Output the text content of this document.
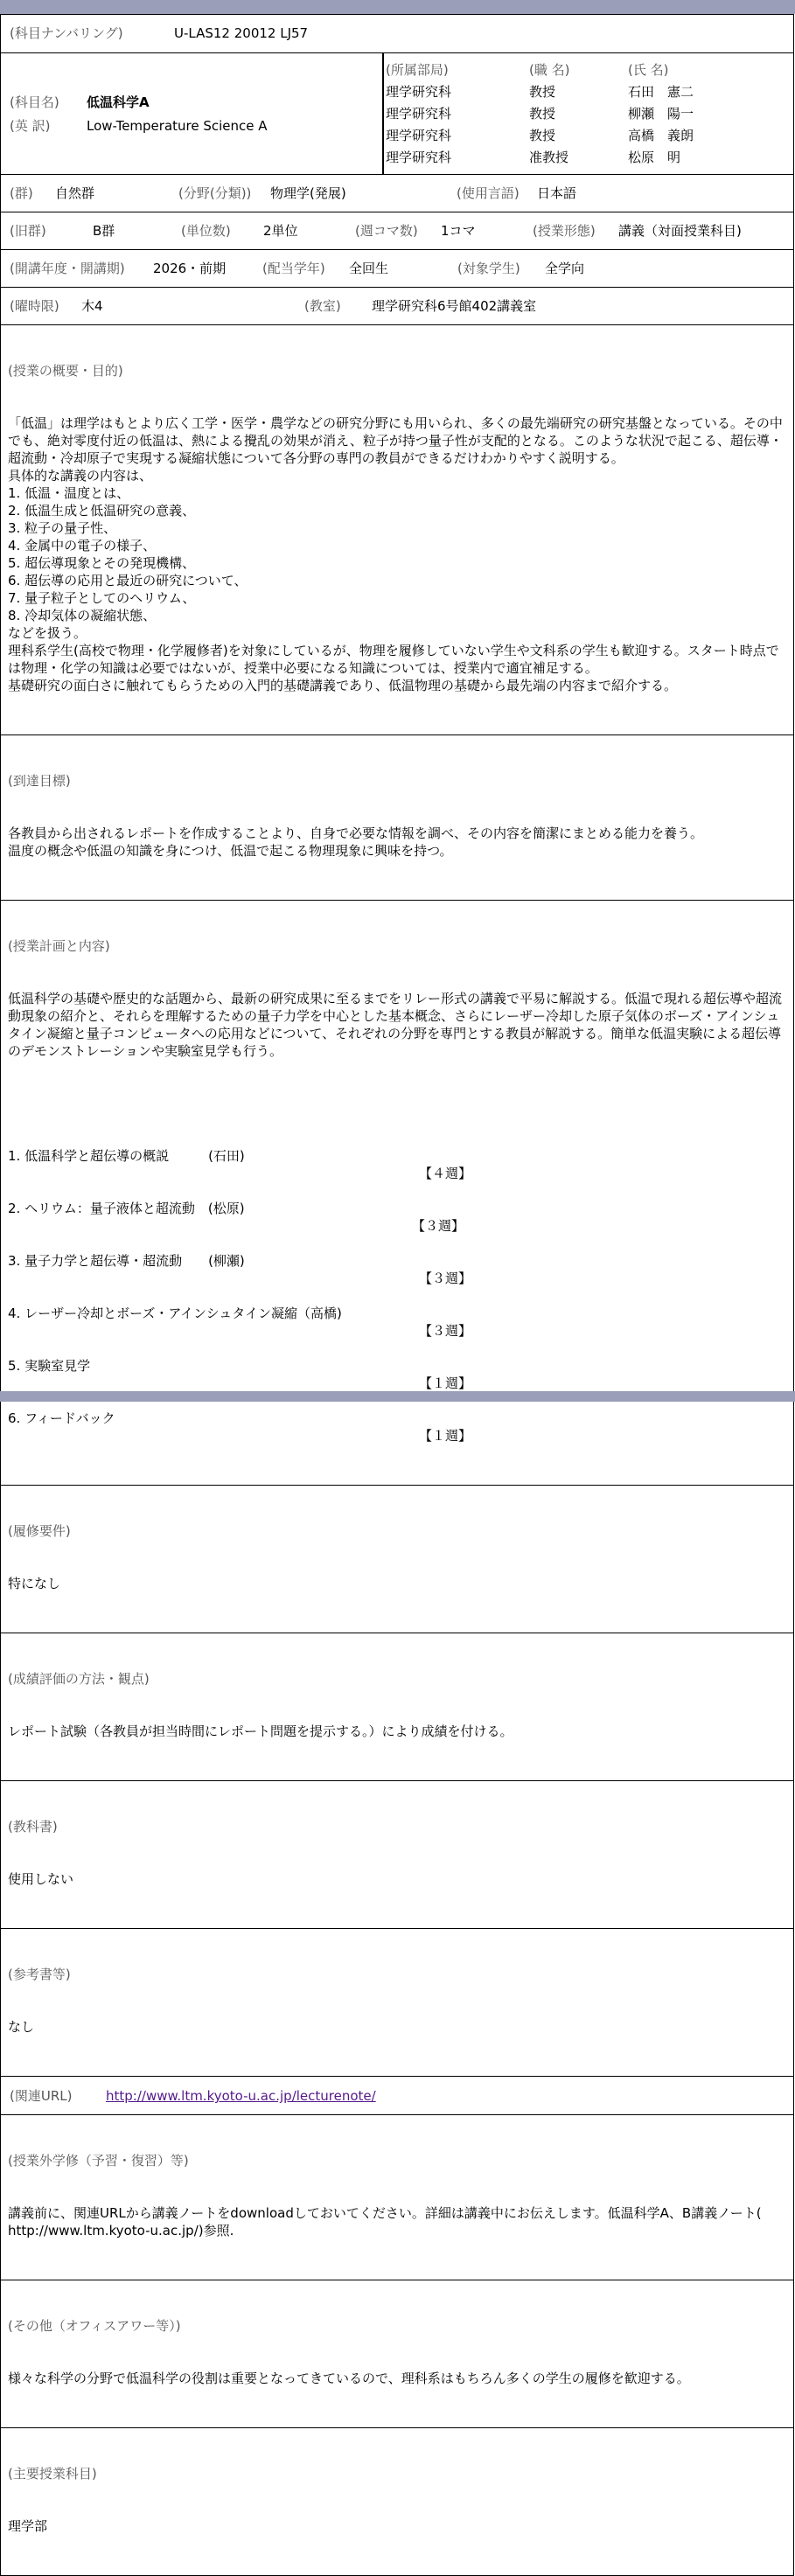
(科目ナンバリング)	U-LAS12 20012 LJ57
(科目名) 低温科学A
(英 訳)	Low-Temperature Science A
(所属部局)	(職 名)	(氏 名)
理学研究科	教授	石田　憲二
理学研究科	教授	柳瀬　陽一
理学研究科	教授	高橋　義朗
理学研究科	准教授	松原　明
(群) 自然群	(分野(分類)) 物理学(発展)	(使用言語) 日本語
(旧群)	B群	(単位数) 2単位	(週コマ数) 1コマ	(授業形態) 講義（対面授業科目)
(開講年度・開講期) 2026・前期	(配当学年) 全回生	(対象学生) 全学向
(曜時限) 木4	(教室) 理学研究科6号館402講義室

(授業の概要・目的)

「低温」は理学はもとより広く工学・医学・農学などの研究分野にも用いられ、多くの最先端研究の研究基盤となっている。その中でも、絶対零度付近の低温は、熱による攪乱の効果が消え、粒子が持つ量子性が支配的となる。このような状況で起こる、超伝導・超流動・冷却原子で実現する凝縮状態について各分野の専門の教員ができるだけわかりやすく説明する。
具体的な講義の内容は、
1. 低温・温度とは、
2. 低温生成と低温研究の意義、
3. 粒子の量子性、
4. 金属中の電子の様子、
5. 超伝導現象とその発現機構、
6. 超伝導の応用と最近の研究について、
7. 量子粒子としてのヘリウム、
8. 冷却気体の凝縮状態、
などを扱う。
理科系学生(高校で物理・化学履修者)を対象にしているが、物理を履修していない学生や文科系の学生も歓迎する。スタート時点では物理・化学の知識は必要ではないが、授業中必要になる知識については、授業内で適宜補足する。
基礎研究の面白さに触れてもらうための入門的基礎講義であり、低温物理の基礎から最先端の内容まで紹介する。

(到達目標)

各教員から出されるレポートを作成することより、自身で必要な情報を調べ、その内容を簡潔にまとめる能力を養う。
温度の概念や低温の知識を身につけ、低温で起こる物理現象に興味を持つ。

(授業計画と内容)

低温科学の基礎や歴史的な話題から、最新の研究成果に至るまでをリレー形式の講義で平易に解説する。低温で現れる超伝導や超流動現象の紹介と、それらを理解するための量子力学を中心とした基本概念、さらにレーザー冷却した原子気体のボーズ・アインシュタイン凝縮と量子コンピュータへの応用などについて、それぞれの分野を専門とする教員が解説する。簡単な低温実験による超伝導のデモンストレーションや実験室見学も行う。

1. 低温科学と超伝導の概説　　　(石田)

【４週】

2. ヘリウム：量子液体と超流動　(松原)

【３週】

3. 量子力学と超伝導・超流動　　(柳瀬)

【３週】

4. レーザー冷却とボーズ・アインシュタイン凝縮（高橋)

【３週】

5. 実験室見学

【１週】

6. フィードバック

【１週】

(履修要件)

特になし

(成績評価の方法・観点)

レポート試験（各教員が担当時間にレポート問題を提示する。）により成績を付ける。

(教科書)

使用しない

(参考書等)

なし

(関連URL)	http://www.ltm.kyoto-u.ac.jp/lecturenote/

(授業外学修（予習・復習）等)

講義前に、関連URLから講義ノートをdownloadしておいてください。詳細は講義中にお伝えします。低温科学A、B講義ノート( http://www.ltm.kyoto-u.ac.jp/)参照.

(その他（オフィスアワー等）)

様々な科学の分野で低温科学の役割は重要となってきているので、理科系はもちろん多くの学生の履修を歓迎する。

(主要授業科目)

理学部
